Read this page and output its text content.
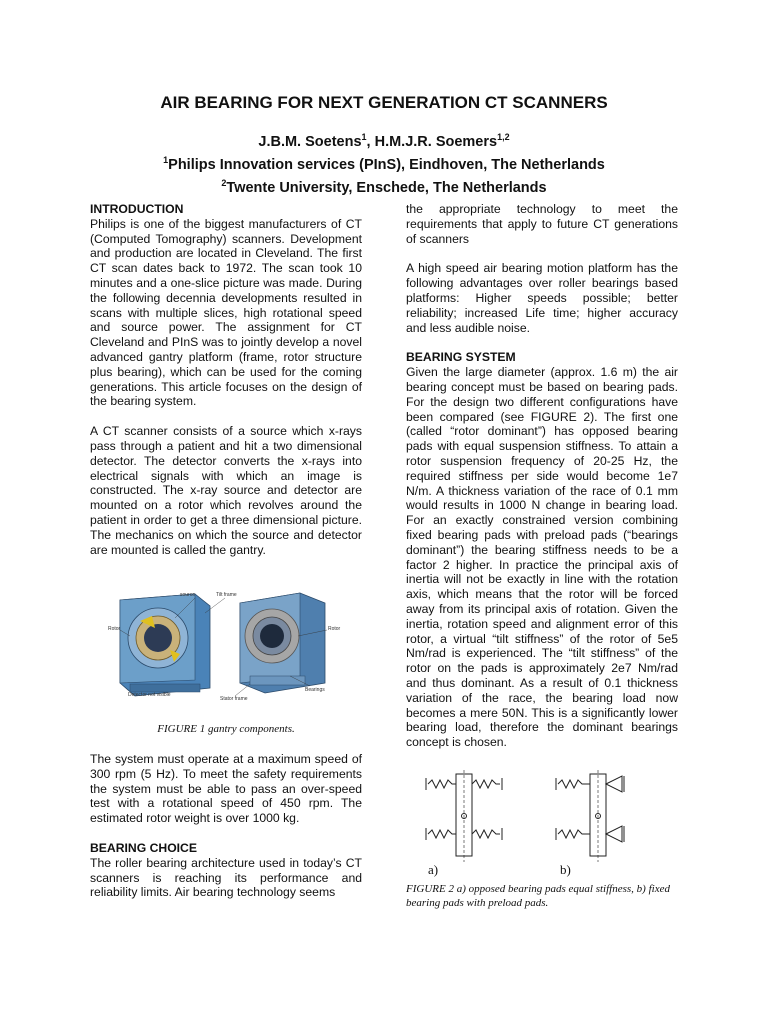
AIR BEARING FOR NEXT GENERATION CT SCANNERS
J.B.M. Soetens$^1$, H.M.J.R. Soemers$^{1,2}$
$^1$Philips Innovation services (PInS), Eindhoven, The Netherlands
$^2$Twente University, Enschede, The Netherlands
INTRODUCTION

Philips is one of the biggest manufacturers of CT (Computed Tomography) scanners. Development and production are located in Cleveland. The first CT scan dates back to 1972. The scan took 10 minutes and a one-slice picture was made. During the following decennia developments resulted in scans with multiple slices, high rotational speed and source power. The assignment for CT Cleveland and PInS was to jointly develop a novel advanced gantry platform (frame, rotor structure plus bearing), which can be used for the coming generations. This article focuses on the design of the bearing system.

A CT scanner consists of a source which x-rays pass through a patient and hit a two dimensional detector. The detector converts the x-rays into electrical signals with which an image is constructed. The x-ray source and detector are mounted on a rotor which revolves around the patient in order to get a three dimensional picture. The mechanics on which the source and detector are mounted is called the gantry.

source	Tilt frame
Rotor	Rotor
Detector not visible
Stator frame
Bearings

FIGURE 1 gantry components.

The system must operate at a maximum speed of 300 rpm (5 Hz). To meet the safety requirements the system must be able to pass an over-speed test with a rotational speed of 450 rpm. The estimated rotor weight is over 1000 kg.

BEARING CHOICE

The roller bearing architecture used in today’s CT scanners is reaching its performance and reliability limits. Air bearing technology seems

the appropriate technology to meet the requirements that apply to future CT generations of scanners

A high speed air bearing motion platform has the following advantages over roller bearings based platforms: Higher speeds possible; better reliability; increased Life time; higher accuracy and less audible noise.

BEARING SYSTEM

Given the large diameter (approx. 1.6 m) the air bearing concept must be based on bearing pads. For the design two different configurations have been compared (see FIGURE 2). The first one (called “rotor dominant”) has opposed bearing pads with equal suspension stiffness. To attain a rotor suspension frequency of 20-25 Hz, the required stiffness per side would become 1e7 N/m. A thickness variation of the race of 0.1 mm would results in 1000 N change in bearing load. For an exactly constrained version combining fixed bearing pads with preload pads (“bearings dominant”) the bearing stiffness needs to be a factor 2 higher. In practice the principal axis of inertia will not be exactly in line with the rotation axis, which means that the rotor will be forced away from its principal axis of rotation. Given the inertia, rotation speed and alignment error of this rotor, a virtual “tilt stiffness” of the rotor of 5e5 Nm/rad is experienced. The “tilt stiffness” of the rotor on the pads is approximately 2e7 Nm/rad and thus dominant. As a result of 0.1 thickness variation of the race, the bearing load now becomes a mere 50N. This is a significantly lower bearing load, therefore the dominant bearings concept is chosen.

a)	b)

FIGURE 2 a) opposed bearing pads equal stiffness, b) fixed bearing pads with preload pads.
